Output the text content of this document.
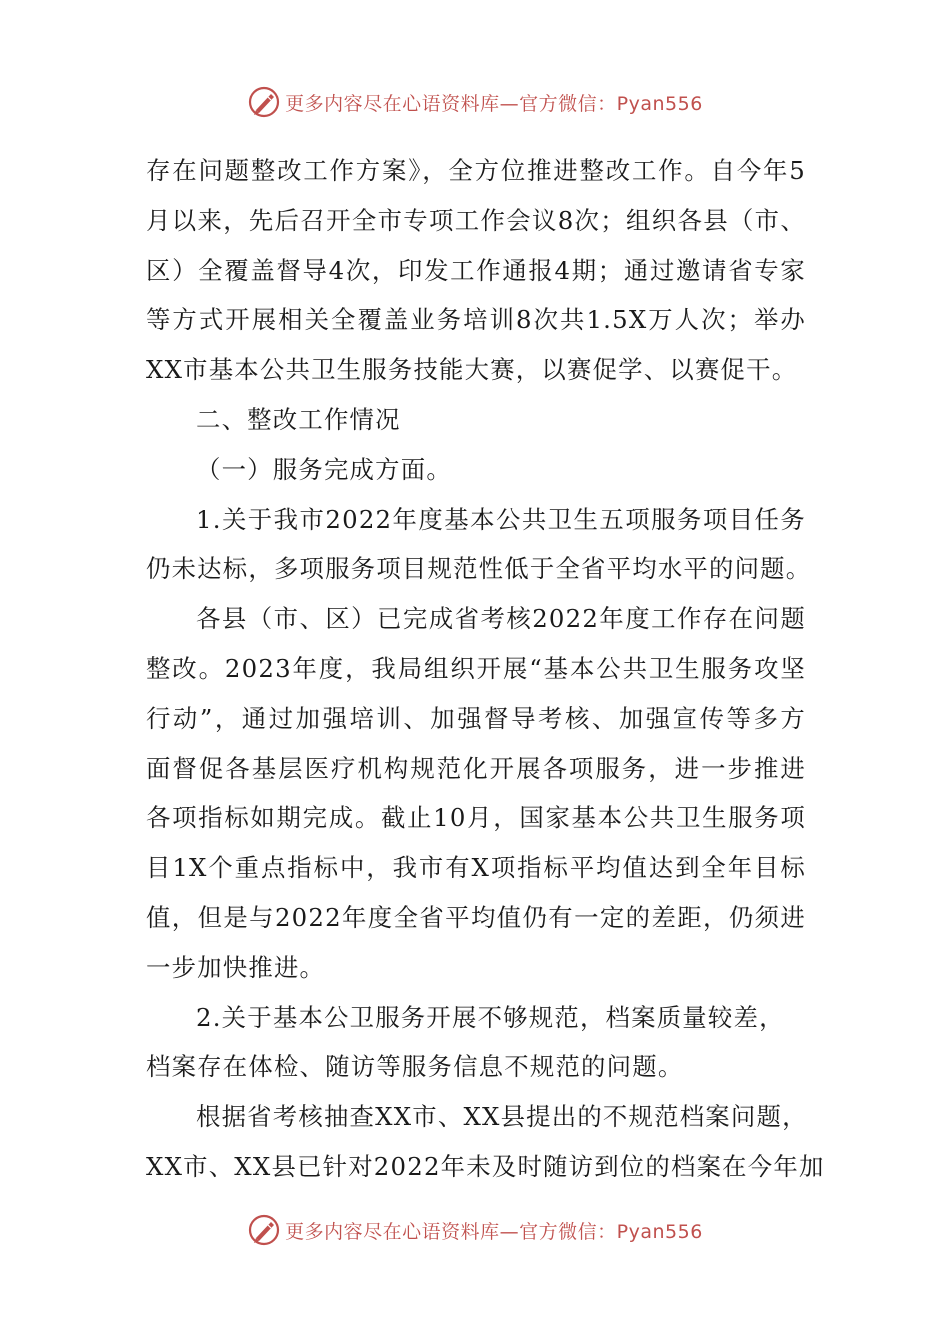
更多内容尽在心语资料库—官方微信：Pyan556
存在问题整改工作方案》，全方位推进整改工作。自今年5
月以来，先后召开全市专项工作会议8次；组织各县（市、
区）全覆盖督导4次，印发工作通报4期；通过邀请省专家
等方式开展相关全覆盖业务培训8次共1.5X万人次；举办
XX市基本公共卫生服务技能大赛，以赛促学、以赛促干。
二、整改工作情况
（一）服务完成方面。
1.关于我市2022年度基本公共卫生五项服务项目任务
仍未达标，多项服务项目规范性低于全省平均水平的问题。
各县（市、区）已完成省考核2022年度工作存在问题
整改。2023年度，我局组织开展“基本公共卫生服务攻坚
行动”，通过加强培训、加强督导考核、加强宣传等多方
面督促各基层医疗机构规范化开展各项服务，进一步推进
各项指标如期完成。截止10月，国家基本公共卫生服务项
目1X个重点指标中，我市有X项指标平均值达到全年目标
值，但是与2022年度全省平均值仍有一定的差距，仍须进
一步加快推进。
2.关于基本公卫服务开展不够规范，档案质量较差，
档案存在体检、随访等服务信息不规范的问题。
根据省考核抽查XX市、XX县提出的不规范档案问题，
XX市、XX县已针对2022年未及时随访到位的档案在今年加
更多内容尽在心语资料库—官方微信：Pyan556
